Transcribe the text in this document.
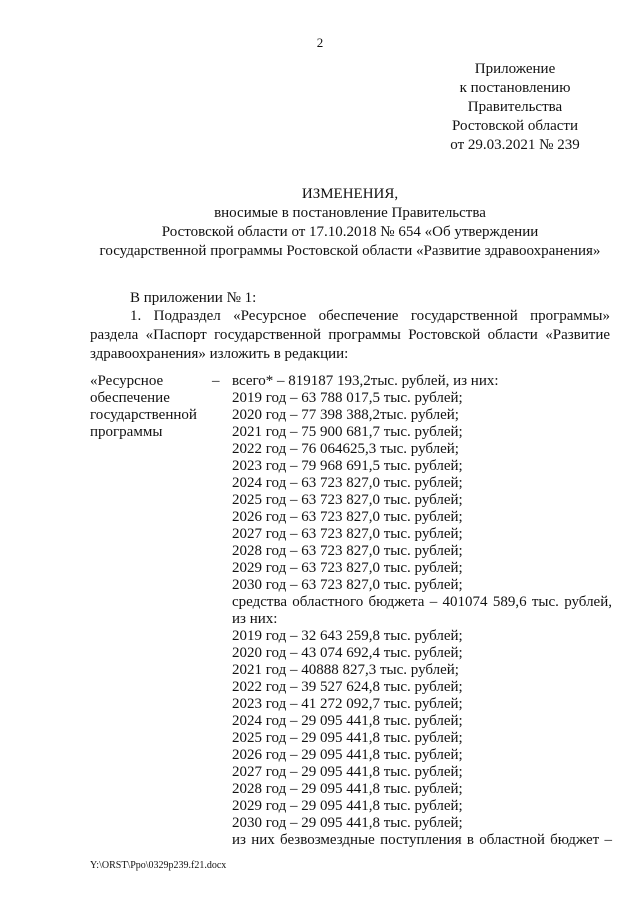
2
Приложение
к постановлению
Правительства
Ростовской области
от 29.03.2021 № 239
ИЗМЕНЕНИЯ,
вносимые в постановление Правительства
Ростовской области от 17.10.2018 № 654 «Об утверждении
государственной программы Ростовской области «Развитие здравоохранения»
В приложении № 1:
1. Подраздел «Ресурсное обеспечение государственной программы»
раздела «Паспорт государственной программы Ростовской области «Развитие
здравоохранения» изложить в редакции:
«Ресурсное
обеспечение
государственной
программы
– всего* – 819187 193,2тыс. рублей, из них:
2019 год – 63 788 017,5 тыс. рублей;
2020 год – 77 398 388,2тыс. рублей;
2021 год – 75 900 681,7 тыс. рублей;
2022 год – 76 064625,3 тыс. рублей;
2023 год – 79 968 691,5 тыс. рублей;
2024 год – 63 723 827,0 тыс. рублей;
2025 год – 63 723 827,0 тыс. рублей;
2026 год – 63 723 827,0 тыс. рублей;
2027 год – 63 723 827,0 тыс. рублей;
2028 год – 63 723 827,0 тыс. рублей;
2029 год – 63 723 827,0 тыс. рублей;
2030 год – 63 723 827,0 тыс. рублей;
средства областного бюджета – 401074 589,6 тыс. рублей,
из них:
2019 год – 32 643 259,8 тыс. рублей;
2020 год – 43 074 692,4 тыс. рублей;
2021 год – 40888 827,3 тыс. рублей;
2022 год – 39 527 624,8 тыс. рублей;
2023 год – 41 272 092,7 тыс. рублей;
2024 год – 29 095 441,8 тыс. рублей;
2025 год – 29 095 441,8 тыс. рублей;
2026 год – 29 095 441,8 тыс. рублей;
2027 год – 29 095 441,8 тыс. рублей;
2028 год – 29 095 441,8 тыс. рублей;
2029 год – 29 095 441,8 тыс. рублей;
2030 год – 29 095 441,8 тыс. рублей;
из них безвозмездные поступления в областной бюджет –
Y:\ORST\Ppo\0329p239.f21.docx
